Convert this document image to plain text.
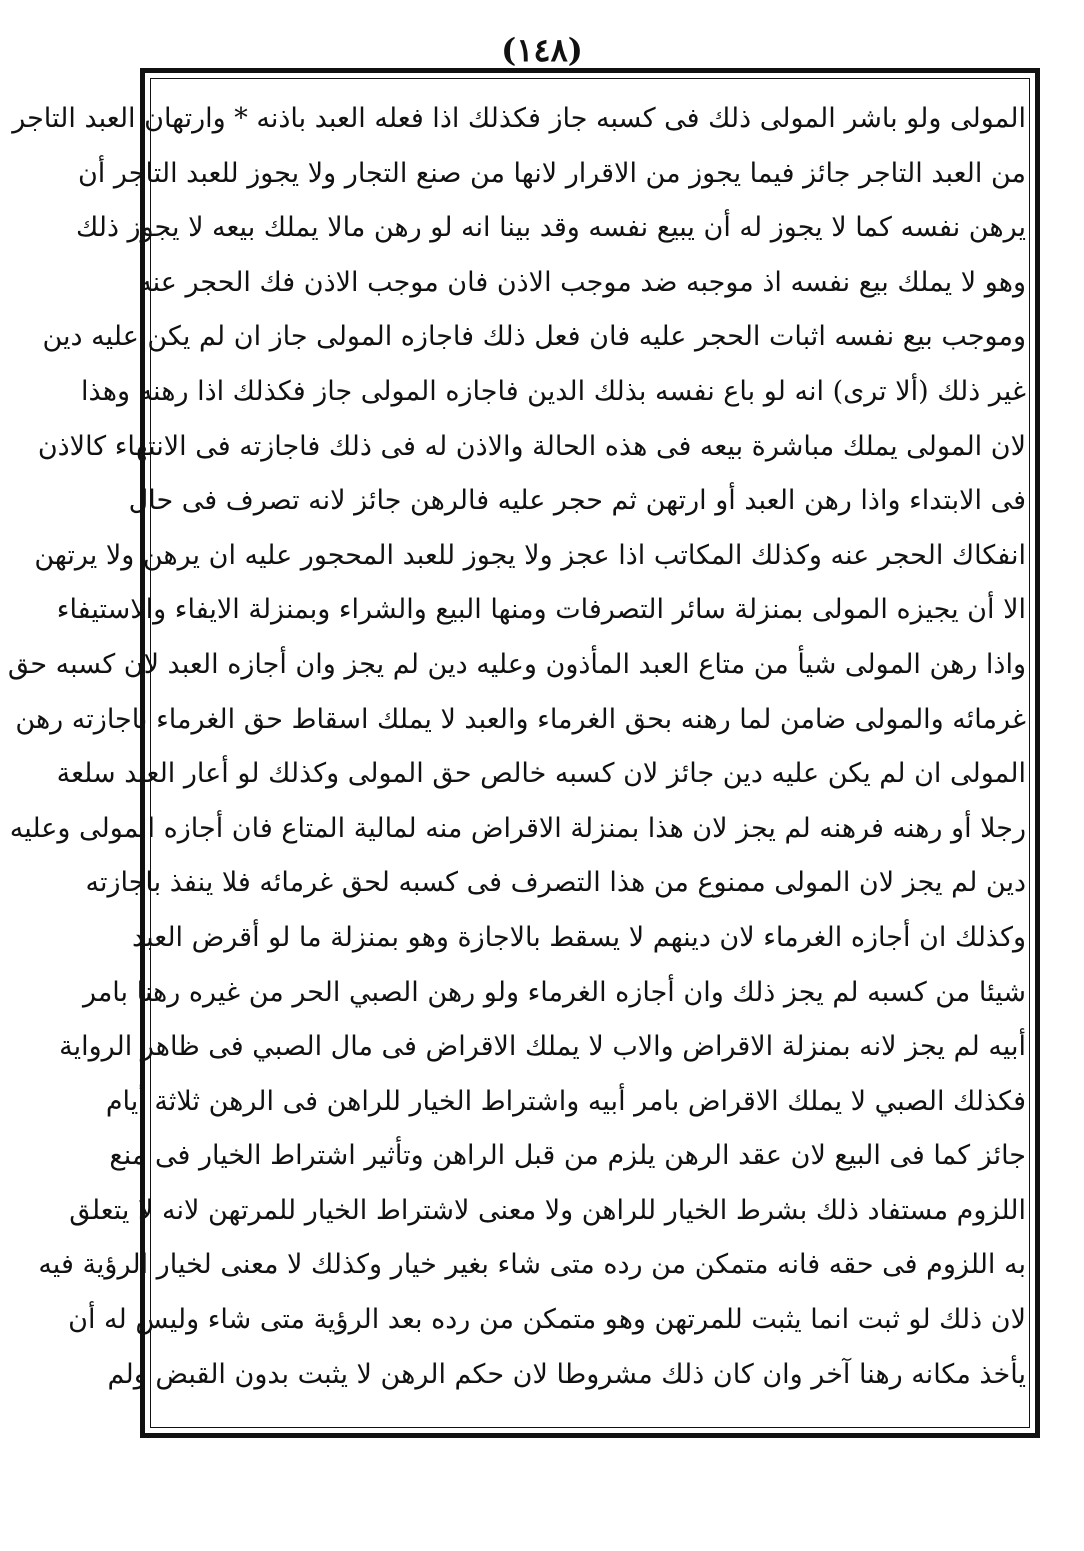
(١٤٨)
المولى ولو باشر المولى ذلك فى كسبه جاز فكذلك اذا فعله العبد باذنه * وارتهان العبد التاجر
من العبد التاجر جائز فيما يجوز من الاقرار لانها من صنع التجار ولا يجوز للعبد التاجر أن
يرهن نفسه كما لا يجوز له أن يبيع نفسه وقد بينا انه لو رهن مالا يملك بيعه لا يجوز ذلك
وهو لا يملك بيع نفسه اذ موجبه ضد موجب الاذن فان موجب الاذن فك الحجر عنه
وموجب بيع نفسه اثبات الحجر عليه فان فعل ذلك فاجازه المولى جاز ان لم يكن عليه دين
غير ذلك (ألا ترى) انه لو باع نفسه بذلك الدين فاجازه المولى جاز فكذلك اذا رهنه وهذا
لان المولى يملك مباشرة بيعه فى هذه الحالة والاذن له فى ذلك فاجازته فى الانتهاء كالاذن
فى الابتداء واذا رهن العبد أو ارتهن ثم حجر عليه فالرهن جائز لانه تصرف فى حال
انفكاك الحجر عنه وكذلك المكاتب اذا عجز ولا يجوز للعبد المحجور عليه ان يرهن ولا يرتهن
الا أن يجيزه المولى بمنزلة سائر التصرفات ومنها البيع والشراء وبمنزلة الايفاء والاستيفاء
واذا رهن المولى شيأ من متاع العبد المأذون وعليه دين لم يجز وان أجازه العبد لان كسبه حق
غرمائه والمولى ضامن لما رهنه بحق الغرماء والعبد لا يملك اسقاط حق الغرماء باجازته رهن
المولى ان لم يكن عليه دين جائز لان كسبه خالص حق المولى وكذلك لو أعار العبد سلعة
رجلا أو رهنه فرهنه لم يجز لان هذا بمنزلة الاقراض منه لمالية المتاع فان أجازه المولى وعليه
دين لم يجز لان المولى ممنوع من هذا التصرف فى كسبه لحق غرمائه فلا ينفذ باجازته
وكذلك ان أجازه الغرماء لان دينهم لا يسقط بالاجازة وهو بمنزلة ما لو أقرض العبد
شيئا من كسبه لم يجز ذلك وان أجازه الغرماء ولو رهن الصبي الحر من غيره رهنا بامر
أبيه لم يجز لانه بمنزلة الاقراض والاب لا يملك الاقراض فى مال الصبي فى ظاهر الرواية
فكذلك الصبي لا يملك الاقراض بامر أبيه واشتراط الخيار للراهن فى الرهن ثلاثة أيام
جائز كما فى البيع لان عقد الرهن يلزم من قبل الراهن وتأثير اشتراط الخيار فى منع
اللزوم مستفاد ذلك بشرط الخيار للراهن ولا معنى لاشتراط الخيار للمرتهن لانه لا يتعلق
به اللزوم فى حقه فانه متمكن من رده متى شاء بغير خيار وكذلك لا معنى لخيار الرؤية فيه
لان ذلك لو ثبت انما يثبت للمرتهن وهو متمكن من رده بعد الرؤية متى شاء وليس له أن
يأخذ مكانه رهنا آخر وان كان ذلك مشروطا لان حكم الرهن لا يثبت بدون القبض ولم
